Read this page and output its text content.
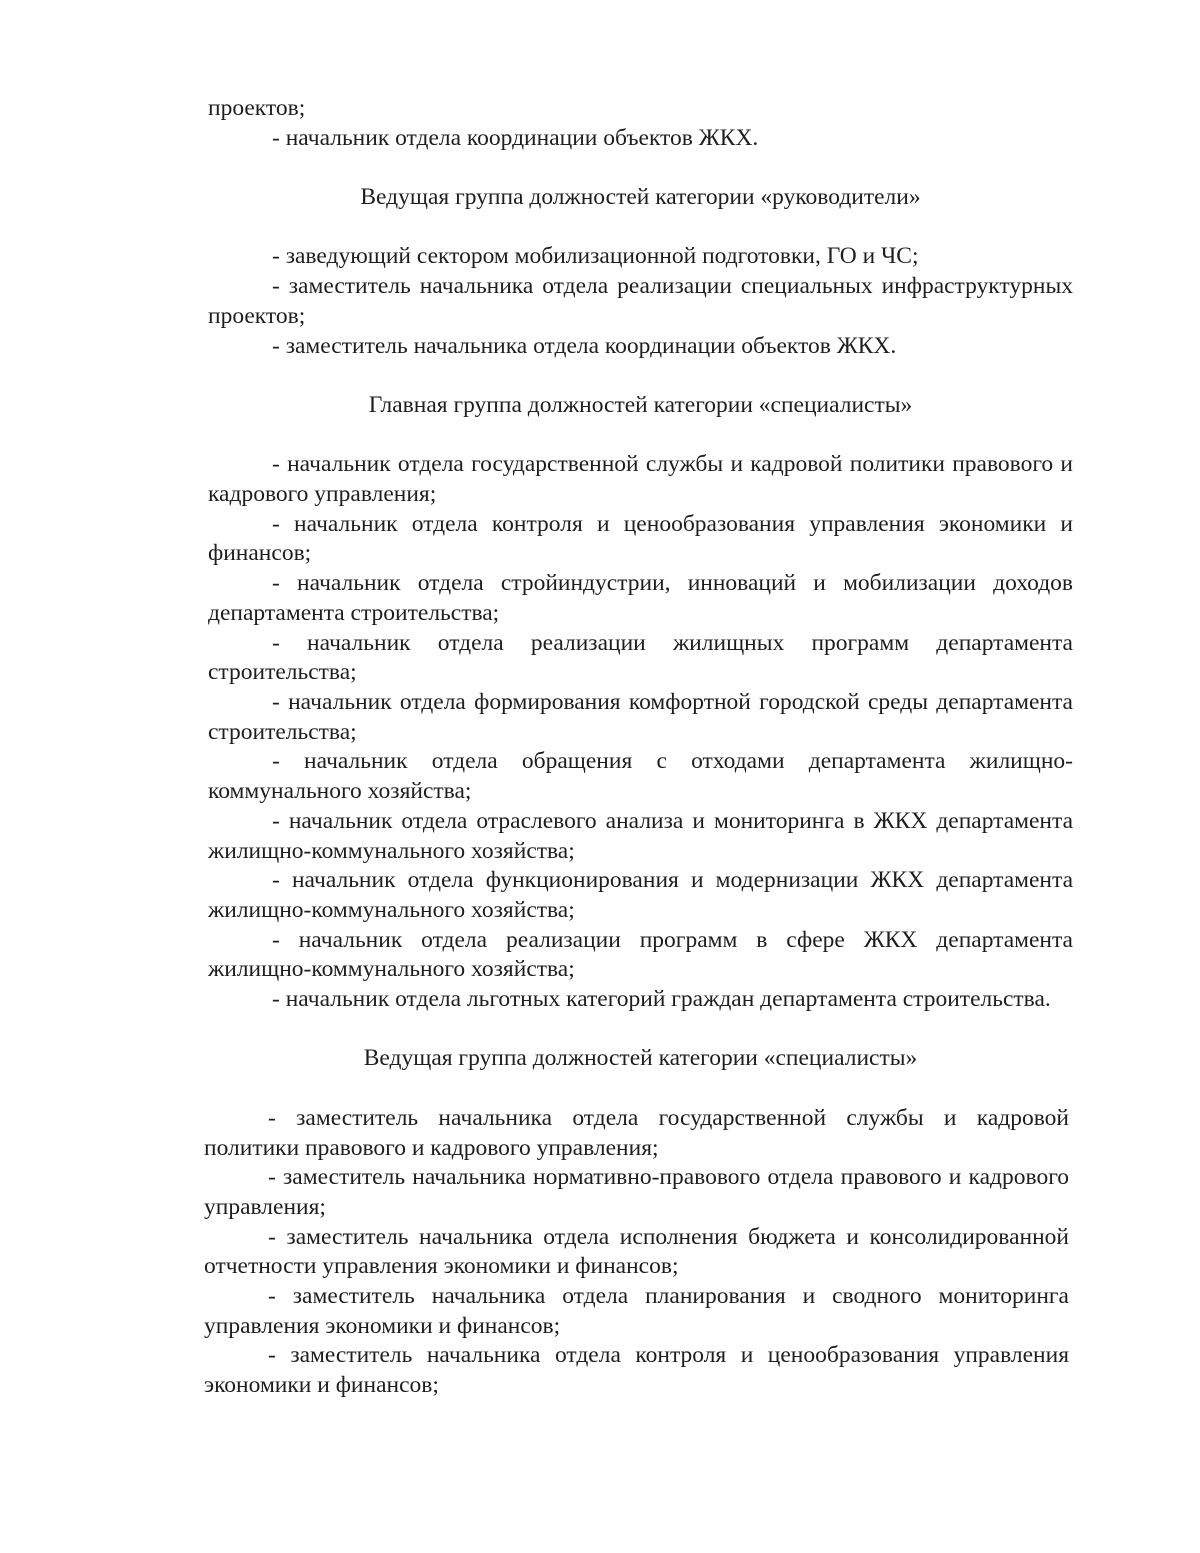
проектов;

- начальник отдела координации объектов ЖКХ.

Ведущая группа должностей категории «руководители»

- заведующий сектором мобилизационной подготовки, ГО и ЧС;

- заместитель начальника отдела реализации специальных инфраструктурных проектов;

- заместитель начальника отдела координации объектов ЖКХ.

Главная группа должностей категории «специалисты»

- начальник отдела государственной службы и кадровой политики правового и кадрового управления;

- начальник отдела контроля и ценообразования управления экономики и финансов;

- начальник отдела стройиндустрии, инноваций и мобилизации доходов департамента строительства;

- начальник отдела реализации жилищных программ департамента строительства;

- начальник отдела формирования комфортной городской среды департамента строительства;

- начальник отдела обращения с отходами департамента жилищно-коммунального хозяйства;

- начальник отдела отраслевого анализа и мониторинга в ЖКХ департамента жилищно-коммунального хозяйства;

- начальник отдела функционирования и модернизации ЖКХ департамента жилищно-коммунального хозяйства;

- начальник отдела реализации программ в сфере ЖКХ департамента жилищно-коммунального хозяйства;

- начальник отдела льготных категорий граждан департамента строительства.

Ведущая группа должностей категории «специалисты»

- заместитель начальника отдела государственной службы и кадровой политики правового и кадрового управления;

- заместитель начальника нормативно-правового отдела правового и кадрового управления;

- заместитель начальника отдела исполнения бюджета и консолидированной отчетности управления экономики и финансов;

- заместитель начальника отдела планирования и сводного мониторинга управления экономики и финансов;

- заместитель начальника отдела контроля и ценообразования управления экономики и финансов;
